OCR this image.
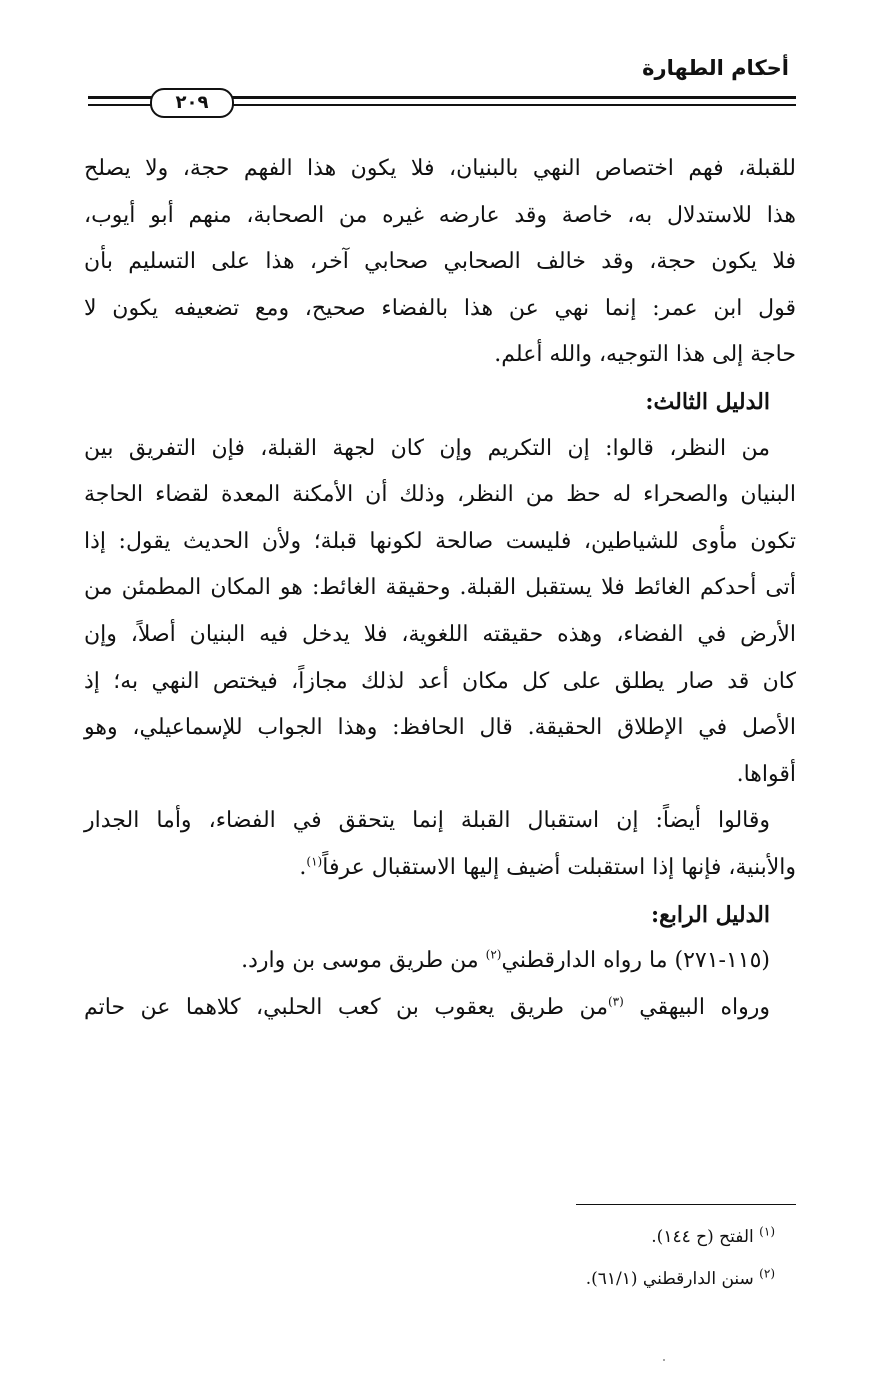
أحكام الطهارة
٢٠٩

للقبلة، فهم اختصاص النهي بالبنيان، فلا يكون هذا الفهم حجة، ولا يصلح

هذا للاستدلال به، خاصة وقد عارضه غيره من الصحابة، منهم أبو أيوب،

فلا يكون حجة، وقد خالف الصحابي صحابي آخر، هذا على التسليم بأن

قول ابن عمر: إنما نهي عن هذا بالفضاء صحيح، ومع تضعيفه يكون لا

حاجة إلى هذا التوجيه، والله أعلم.

الدليل الثالث:

من النظر، قالوا: إن التكريم وإن كان لجهة القبلة، فإن التفريق بين

البنيان والصحراء له حظ من النظر، وذلك أن الأمكنة المعدة لقضاء الحاجة

تكون مأوى للشياطين، فليست صالحة لكونها قبلة؛ ولأن الحديث يقول: إذا

أتى أحدكم الغائط فلا يستقبل القبلة. وحقيقة الغائط: هو المكان المطمئن من

الأرض في الفضاء، وهذه حقيقته اللغوية، فلا يدخل فيه البنيان أصلاً، وإن

كان قد صار يطلق على كل مكان أعد لذلك مجازاً، فيختص النهي به؛ إذ

الأصل في الإطلاق الحقيقة. قال الحافظ: وهذا الجواب للإسماعيلي، وهو

أقواها.

وقالوا أيضاً: إن استقبال القبلة إنما يتحقق في الفضاء، وأما الجدار

والأبنية، فإنها إذا استقبلت أضيف إليها الاستقبال عرفاً$^{(١)}$.

الدليل الرابع:

(١١٥-٢٧١) ما رواه الدارقطني$^{(٢)}$ من طريق موسى بن وارد.

ورواه البيهقي $^{(٣)}$من طريق يعقوب بن كعب الحلبي، كلاهما عن حاتم

$^{(١)}$ الفتح (ح ١٤٤).
$^{(٢)}$ سنن الدارقطني (٦١/١).
